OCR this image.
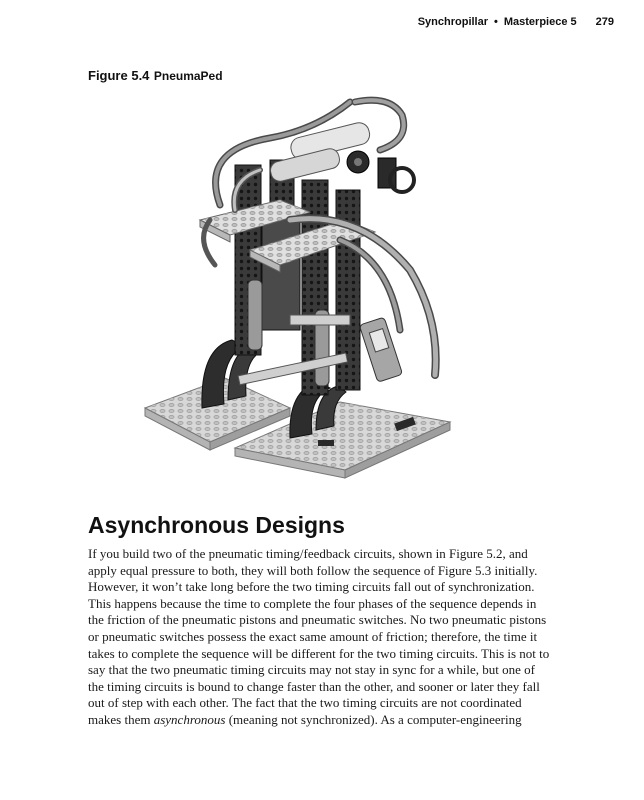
Synchropillar • Masterpiece 5 279
Figure 5.4 PneumaPed
Asynchronous Designs

If you build two of the pneumatic timing/feedback circuits, shown in Figure 5.2, and
apply equal pressure to both, they will both follow the sequence of Figure 5.3 initially.
However, it won’t take long before the two timing circuits fall out of synchronization.
This happens because the time to complete the four phases of the sequence depends in
the friction of the pneumatic pistons and pneumatic switches. No two pneumatic pistons
or pneumatic switches possess the exact same amount of friction; therefore, the time it
takes to complete the sequence will be different for the two timing circuits. This is not to
say that the two pneumatic timing circuits may not stay in sync for a while, but one of
the timing circuits is bound to change faster than the other, and sooner or later they fall
out of step with each other. The fact that the two timing circuits are not coordinated
makes them asynchronous (meaning not synchronized). As a computer-engineering
